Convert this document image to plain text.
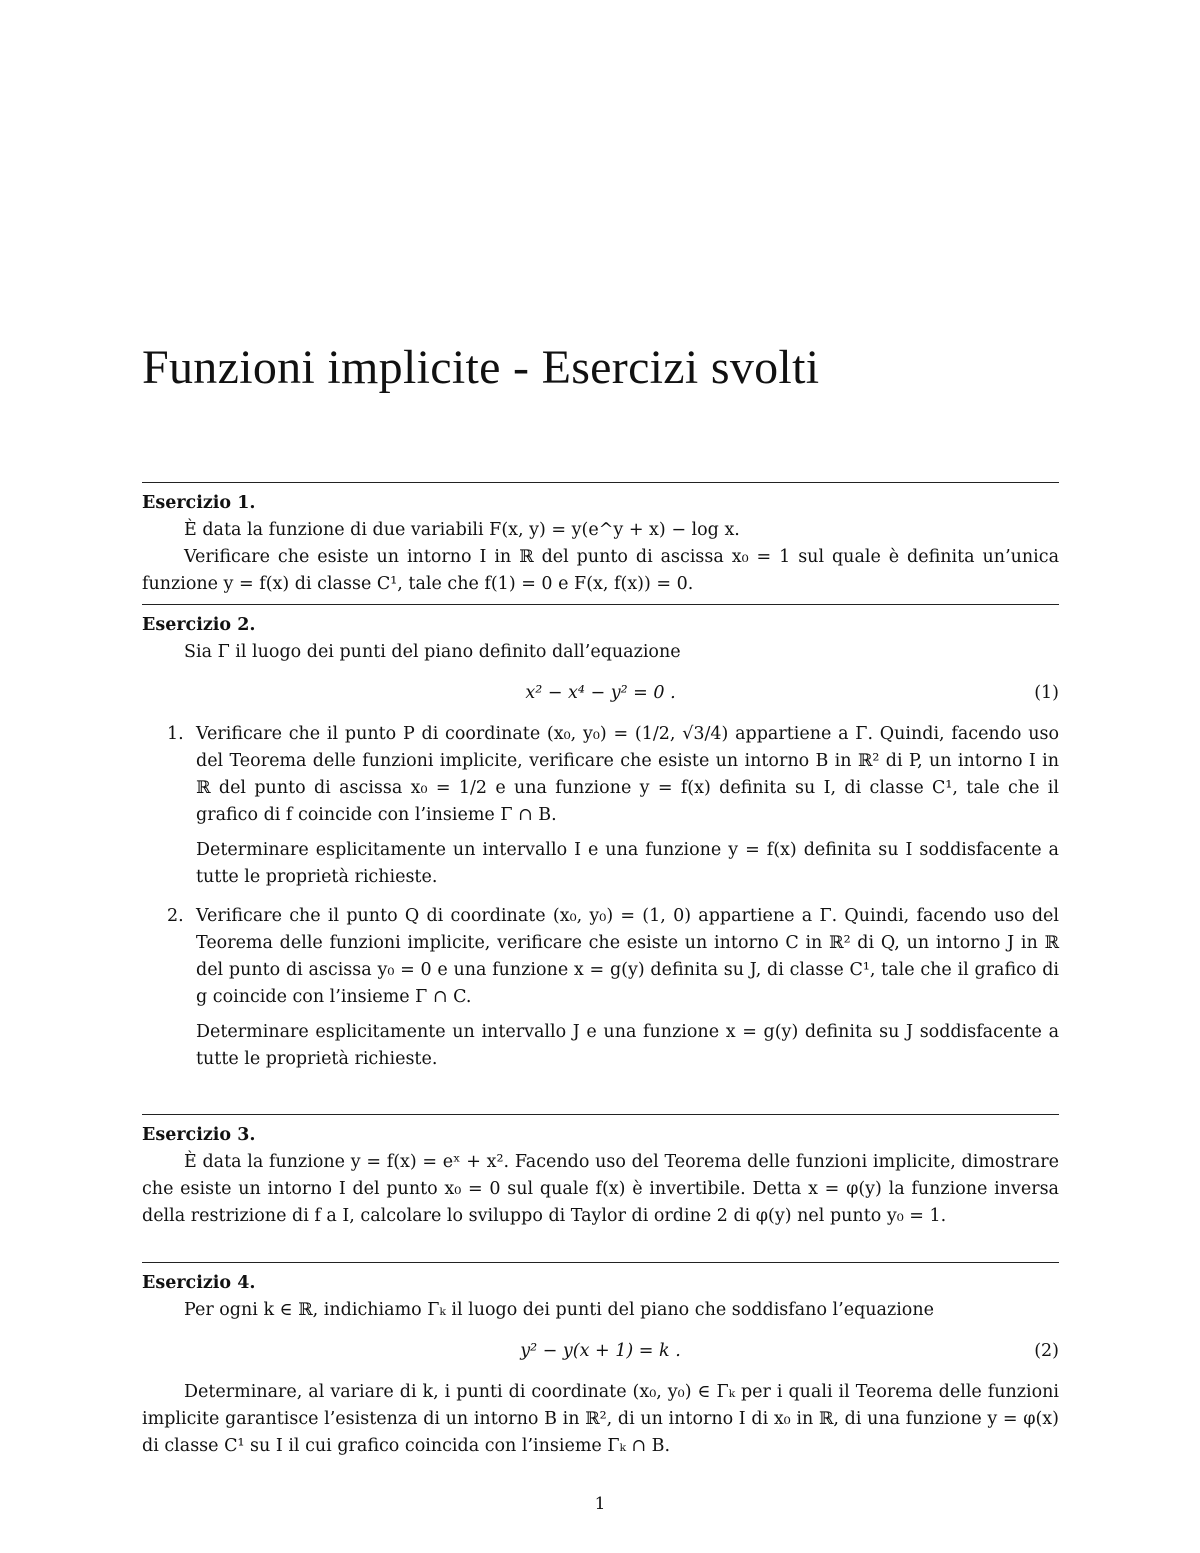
Funzioni implicite - Esercizi svolti
Esercizio 1.

È data la funzione di due variabili F(x, y) = y(e^y + x) − log x.

Verificare che esiste un intorno I in ℝ del punto di ascissa x₀ = 1 sul quale è definita un’unica funzione y = f(x) di classe C¹, tale che f(1) = 0 e F(x, f(x)) = 0.

Esercizio 2.

Sia Γ il luogo dei punti del piano definito dall’equazione

x² − x⁴ − y² = 0 .	(1)
1. Verificare che il punto P di coordinate (x₀, y₀) = (1/2, √3/4) appartiene a Γ. Quindi, facendo uso del Teorema delle funzioni implicite, verificare che esiste un intorno B in ℝ² di P, un intorno I in ℝ del punto di ascissa x₀ = 1/2 e una funzione y = f(x) definita su I, di classe C¹, tale che il grafico di f coincide con l’insieme Γ ∩ B.

Determinare esplicitamente un intervallo I e una funzione y = f(x) definita su I soddisfacente a tutte le proprietà richieste.

2. Verificare che il punto Q di coordinate (x₀, y₀) = (1, 0) appartiene a Γ. Quindi, facendo uso del Teorema delle funzioni implicite, verificare che esiste un intorno C in ℝ² di Q, un intorno J in ℝ del punto di ascissa y₀ = 0 e una funzione x = g(y) definita su J, di classe C¹, tale che il grafico di g coincide con l’insieme Γ ∩ C.

Determinare esplicitamente un intervallo J e una funzione x = g(y) definita su J soddisfacente a tutte le proprietà richieste.

Esercizio 3.

È data la funzione y = f(x) = eˣ + x². Facendo uso del Teorema delle funzioni implicite, dimostrare che esiste un intorno I del punto x₀ = 0 sul quale f(x) è invertibile. Detta x = φ(y) la funzione inversa della restrizione di f a I, calcolare lo sviluppo di Taylor di ordine 2 di φ(y) nel punto y₀ = 1.

Esercizio 4.

Per ogni k ∈ ℝ, indichiamo Γₖ il luogo dei punti del piano che soddisfano l’equazione

y² − y(x + 1) = k .	(2)

Determinare, al variare di k, i punti di coordinate (x₀, y₀) ∈ Γₖ per i quali il Teorema delle funzioni implicite garantisce l’esistenza di un intorno B in ℝ², di un intorno I di x₀ in ℝ, di una funzione y = φ(x) di classe C¹ su I il cui grafico coincida con l’insieme Γₖ ∩ B.

1
